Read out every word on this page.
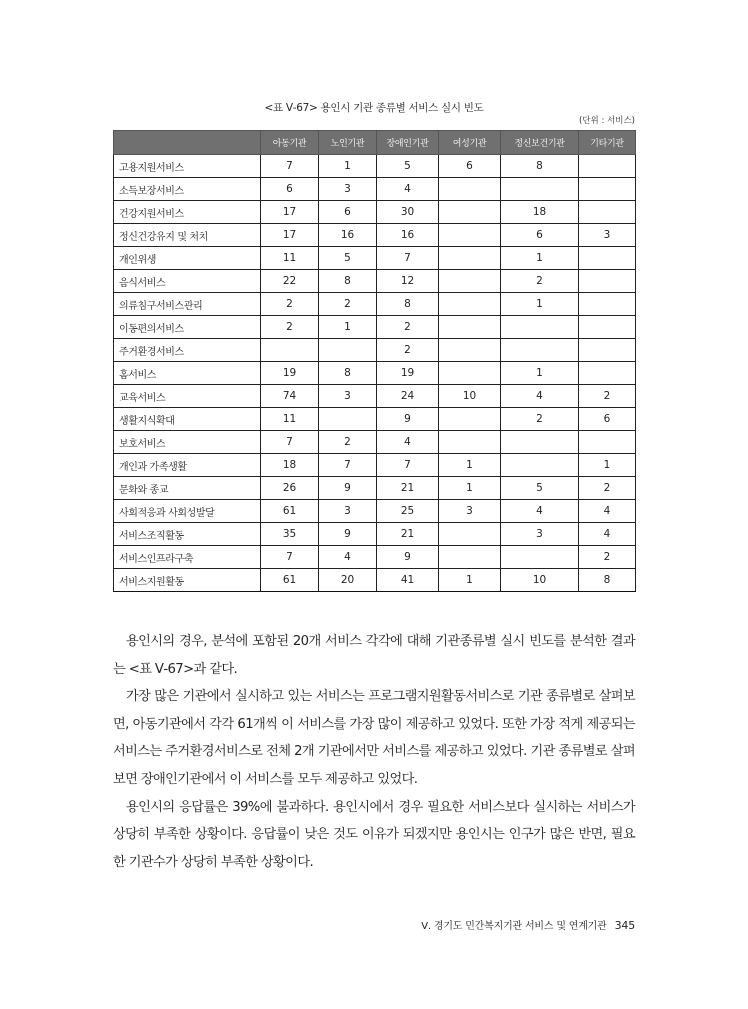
<표 Ⅴ-67> 용인시 기관 종류별 서비스 실시 빈도
(단위 : 서비스)
	아동기관	노인기관	장애인기관	여성기관	정신보건기관	기타기관
고용지원서비스	7	1	5	6	8	
소득보장서비스	6	3	4			
건강지원서비스	17	6	30		18	
정신건강유지 및 처치	17	16	16		6	3
개인위생	11	5	7		1	
음식서비스	22	8	12		2	
의류침구서비스관리	2	2	8		1	
이동편의서비스	2	1	2			
주거환경서비스			2			
홈서비스	19	8	19		1	
교육서비스	74	3	24	10	4	2
생활지식확대	11		9		2	6
보호서비스	7	2	4			
개인과 가족생활	18	7	7	1		1
문화와 종교	26	9	21	1	5	2
사회적응과 사회성발달	61	3	25	3	4	4
서비스조직활동	35	9	21		3	4
서비스인프라구축	7	4	9			2
서비스지원활동	61	20	41	1	10	8

용인시의 경우, 분석에 포함된 20개 서비스 각각에 대해 기관종류별 실시 빈도를 분석한 결과는 <표 Ⅴ-67>과 같다.

가장 많은 기관에서 실시하고 있는 서비스는 프로그램지원활동서비스로 기관 종류별로 살펴보면, 아동기관에서 각각 61개씩 이 서비스를 가장 많이 제공하고 있었다. 또한 가장 적게 제공되는 서비스는 주거환경서비스로 전체 2개 기관에서만 서비스를 제공하고 있었다. 기관 종류별로 살펴보면 장애인기관에서 이 서비스를 모두 제공하고 있었다.

용인시의 응답률은 39%에 불과하다. 용인시에서 경우 필요한 서비스보다 실시하는 서비스가 상당히 부족한 상황이다. 응답률이 낮은 것도 이유가 되겠지만 용인시는 인구가 많은 반면, 필요한 기관수가 상당히 부족한 상황이다.

Ⅴ. 경기도 민간복지기관 서비스 및 연계기관 345
